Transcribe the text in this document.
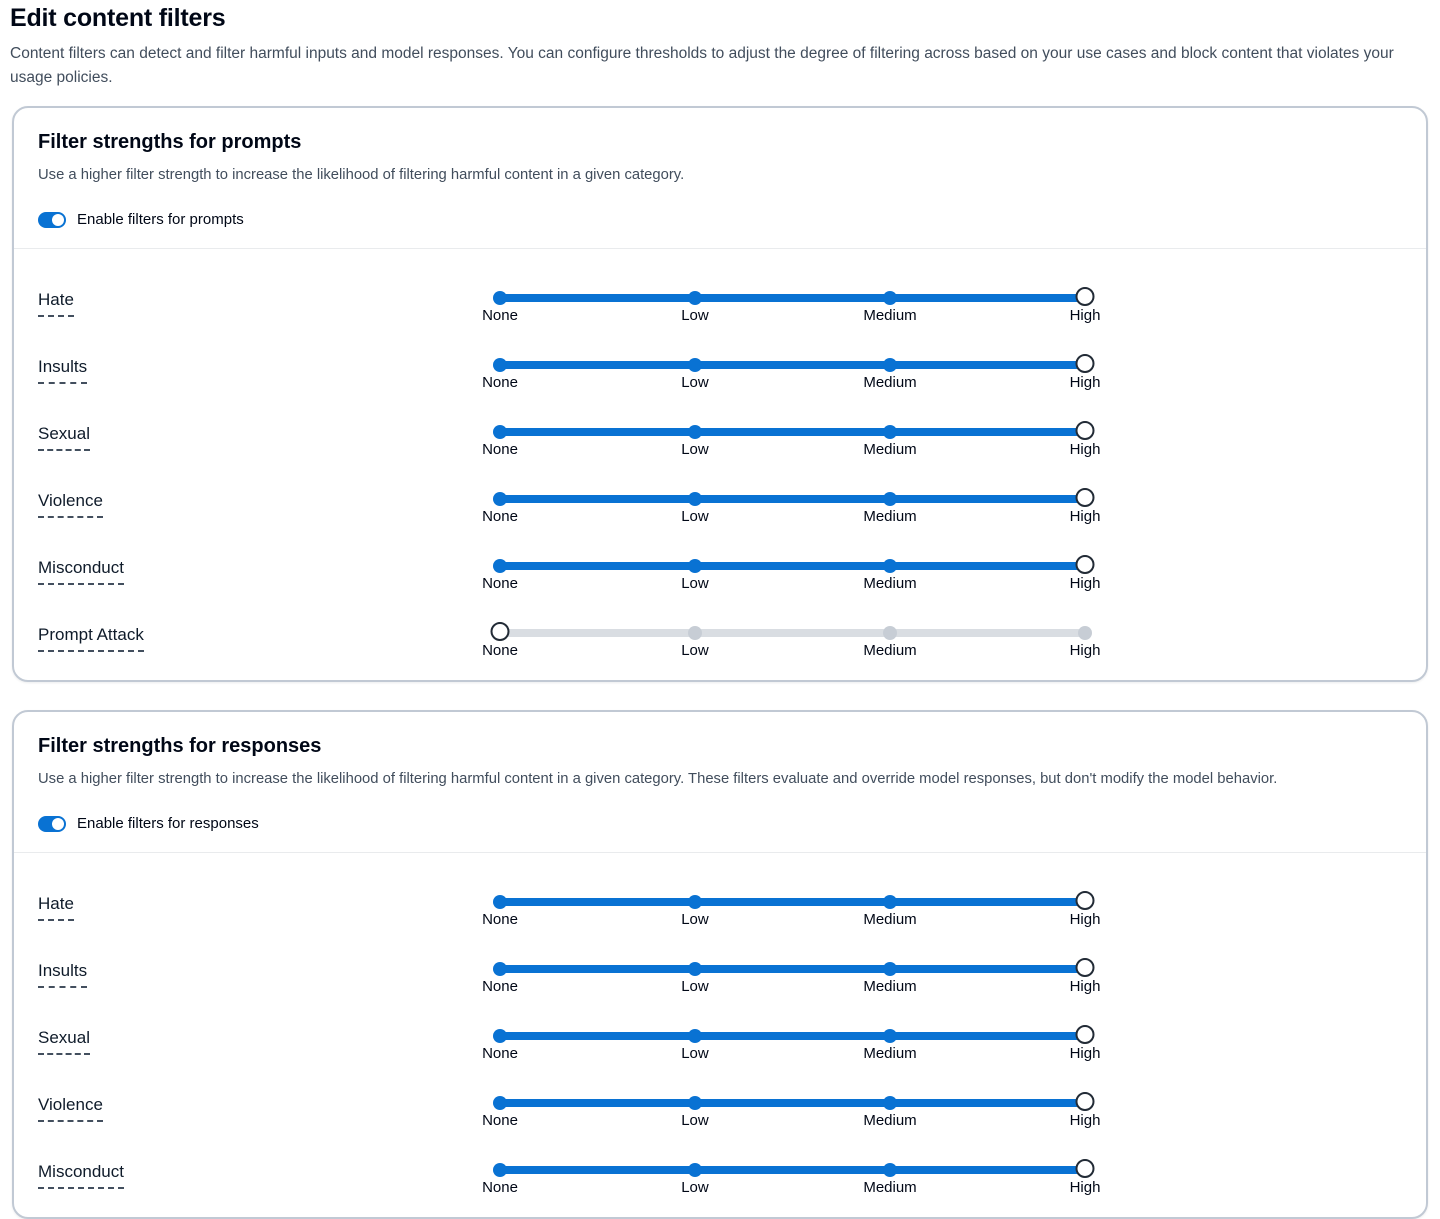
Edit content filters

Content filters can detect and filter harmful inputs and model responses. You can configure thresholds to adjust the degree of filtering across based on your use cases and block content that violates your usage policies.

Filter strengths for prompts

Use a higher filter strength to increase the likelihood of filtering harmful content in a given category.

Enable filters for prompts
Hate
None	Low	Medium	High
Insults
None	Low	Medium	High
Sexual
None	Low	Medium	High
Violence
None	Low	Medium	High
Misconduct
None	Low	Medium	High
Prompt Attack
None	Low	Medium	High
Filter strengths for responses

Use a higher filter strength to increase the likelihood of filtering harmful content in a given category. These filters evaluate and override model responses, but don't modify the model behavior.

Enable filters for responses
Hate
None	Low	Medium	High
Insults
None	Low	Medium	High
Sexual
None	Low	Medium	High
Violence
None	Low	Medium	High
Misconduct
None	Low	Medium	High
